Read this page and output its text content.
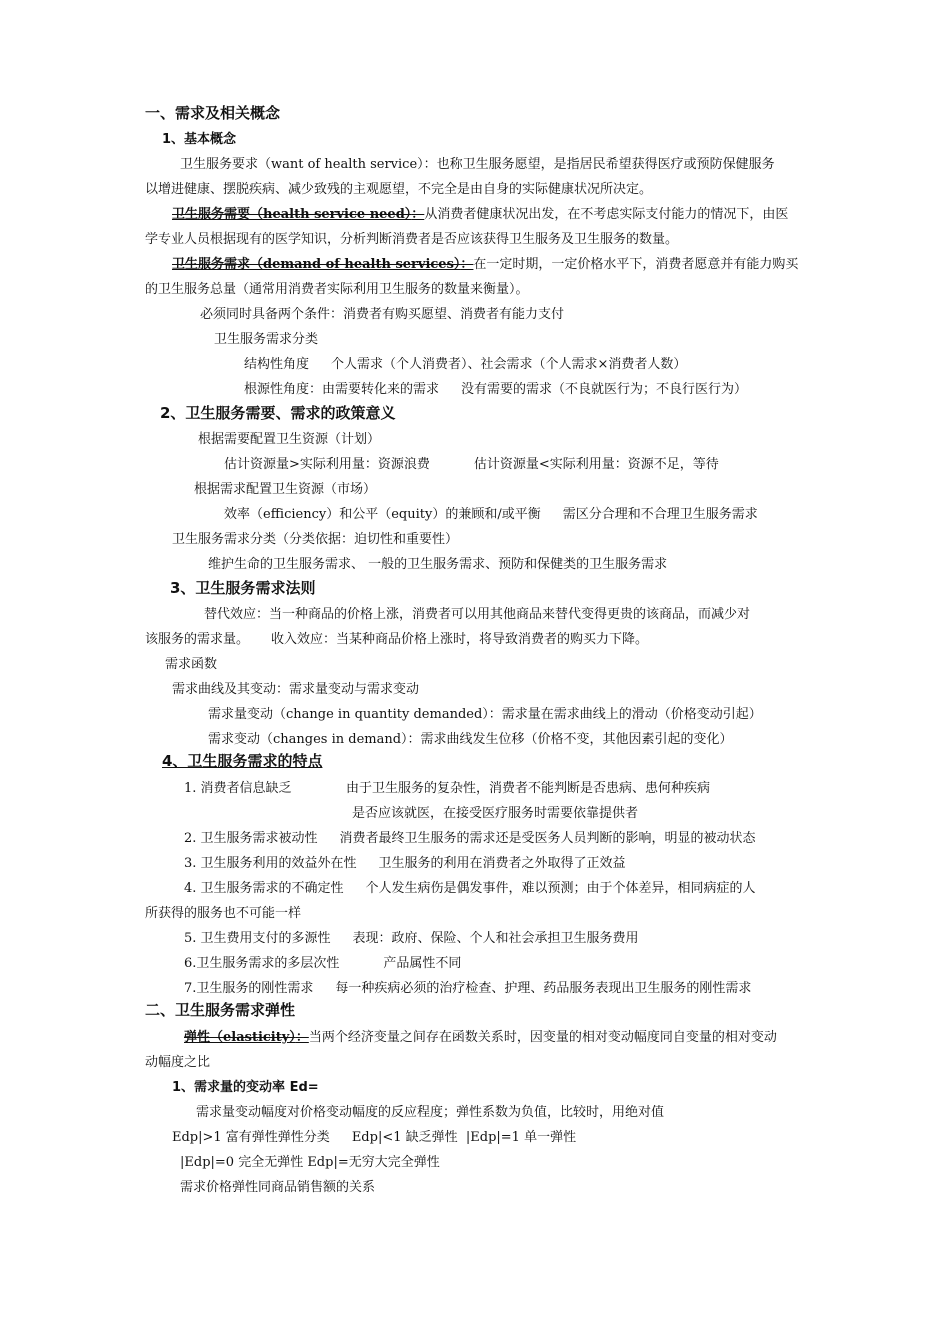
一、需求及相关概念
1、基本概念
卫生服务要求（want of health service）：也称卫生服务愿望，是指居民希望获得医疗或预防保健服务
以增进健康、摆脱疾病、减少致残的主观愿望，不完全是由自身的实际健康状况所决定。
卫生服务需要（health service need）：从消费者健康状况出发，在不考虑实际支付能力的情况下，由医
学专业人员根据现有的医学知识，分析判断消费者是否应该获得卫生服务及卫生服务的数量。
卫生服务需求（demand of health services）：在一定时期，一定价格水平下，消费者愿意并有能力购买
的卫生服务总量（通常用消费者实际利用卫生服务的数量来衡量）。
必须同时具备两个条件：消费者有购买愿望、消费者有能力支付
卫生服务需求分类
结构性角度 个人需求（个人消费者）、社会需求（个人需求×消费者人数）
根源性角度：由需要转化来的需求 没有需要的需求（不良就医行为；不良行医行为）
2、卫生服务需要、需求的政策意义
根据需要配置卫生资源（计划）
估计资源量>实际利用量：资源浪费	估计资源量<实际利用量：资源不足，等待
根据需求配置卫生资源（市场）
效率（efficiency）和公平（equity）的兼顾和/或平衡 需区分合理和不合理卫生服务需求
卫生服务需求分类（分类依据：迫切性和重要性）
维护生命的卫生服务需求、 一般的卫生服务需求、预防和保健类的卫生服务需求
3、卫生服务需求法则
替代效应：当一种商品的价格上涨，消费者可以用其他商品来替代变得更贵的该商品，而减少对
该服务的需求量。 收入效应：当某种商品价格上涨时，将导致消费者的购买力下降。
需求函数
需求曲线及其变动：需求量变动与需求变动
需求量变动（change in quantity demanded）：需求量在需求曲线上的滑动（价格变动引起）
需求变动（changes in demand）：需求曲线发生位移（价格不变，其他因素引起的变化）
4、卫生服务需求的特点
1. 消费者信息缺乏	由于卫生服务的复杂性，消费者不能判断是否患病、患何种疾病
是否应该就医，在接受医疗服务时需要依靠提供者
2. 卫生服务需求被动性 消费者最终卫生服务的需求还是受医务人员判断的影响，明显的被动状态
3. 卫生服务利用的效益外在性 卫生服务的利用在消费者之外取得了正效益
4. 卫生服务需求的不确定性 个人发生病伤是偶发事件，难以预测；由于个体差异，相同病症的人
所获得的服务也不可能一样
5. 卫生费用支付的多源性 表现：政府、保险、个人和社会承担卫生服务费用
6.卫生服务需求的多层次性	产品属性不同
7.卫生服务的刚性需求 每一种疾病必须的治疗检查、护理、药品服务表现出卫生服务的刚性需求
二、卫生服务需求弹性
弹性（elasticity）：当两个经济变量之间存在函数关系时，因变量的相对变动幅度同自变量的相对变动
动幅度之比
1、需求量的变动率 Ed=
需求量变动幅度对价格变动幅度的反应程度；弹性系数为负值，比较时，用绝对值
Edp|>1 富有弹性弹性分类 Edp|<1 缺乏弹性 |Edp|=1 单一弹性
|Edp|=0 完全无弹性 Edp|=无穷大完全弹性
需求价格弹性同商品销售额的关系
